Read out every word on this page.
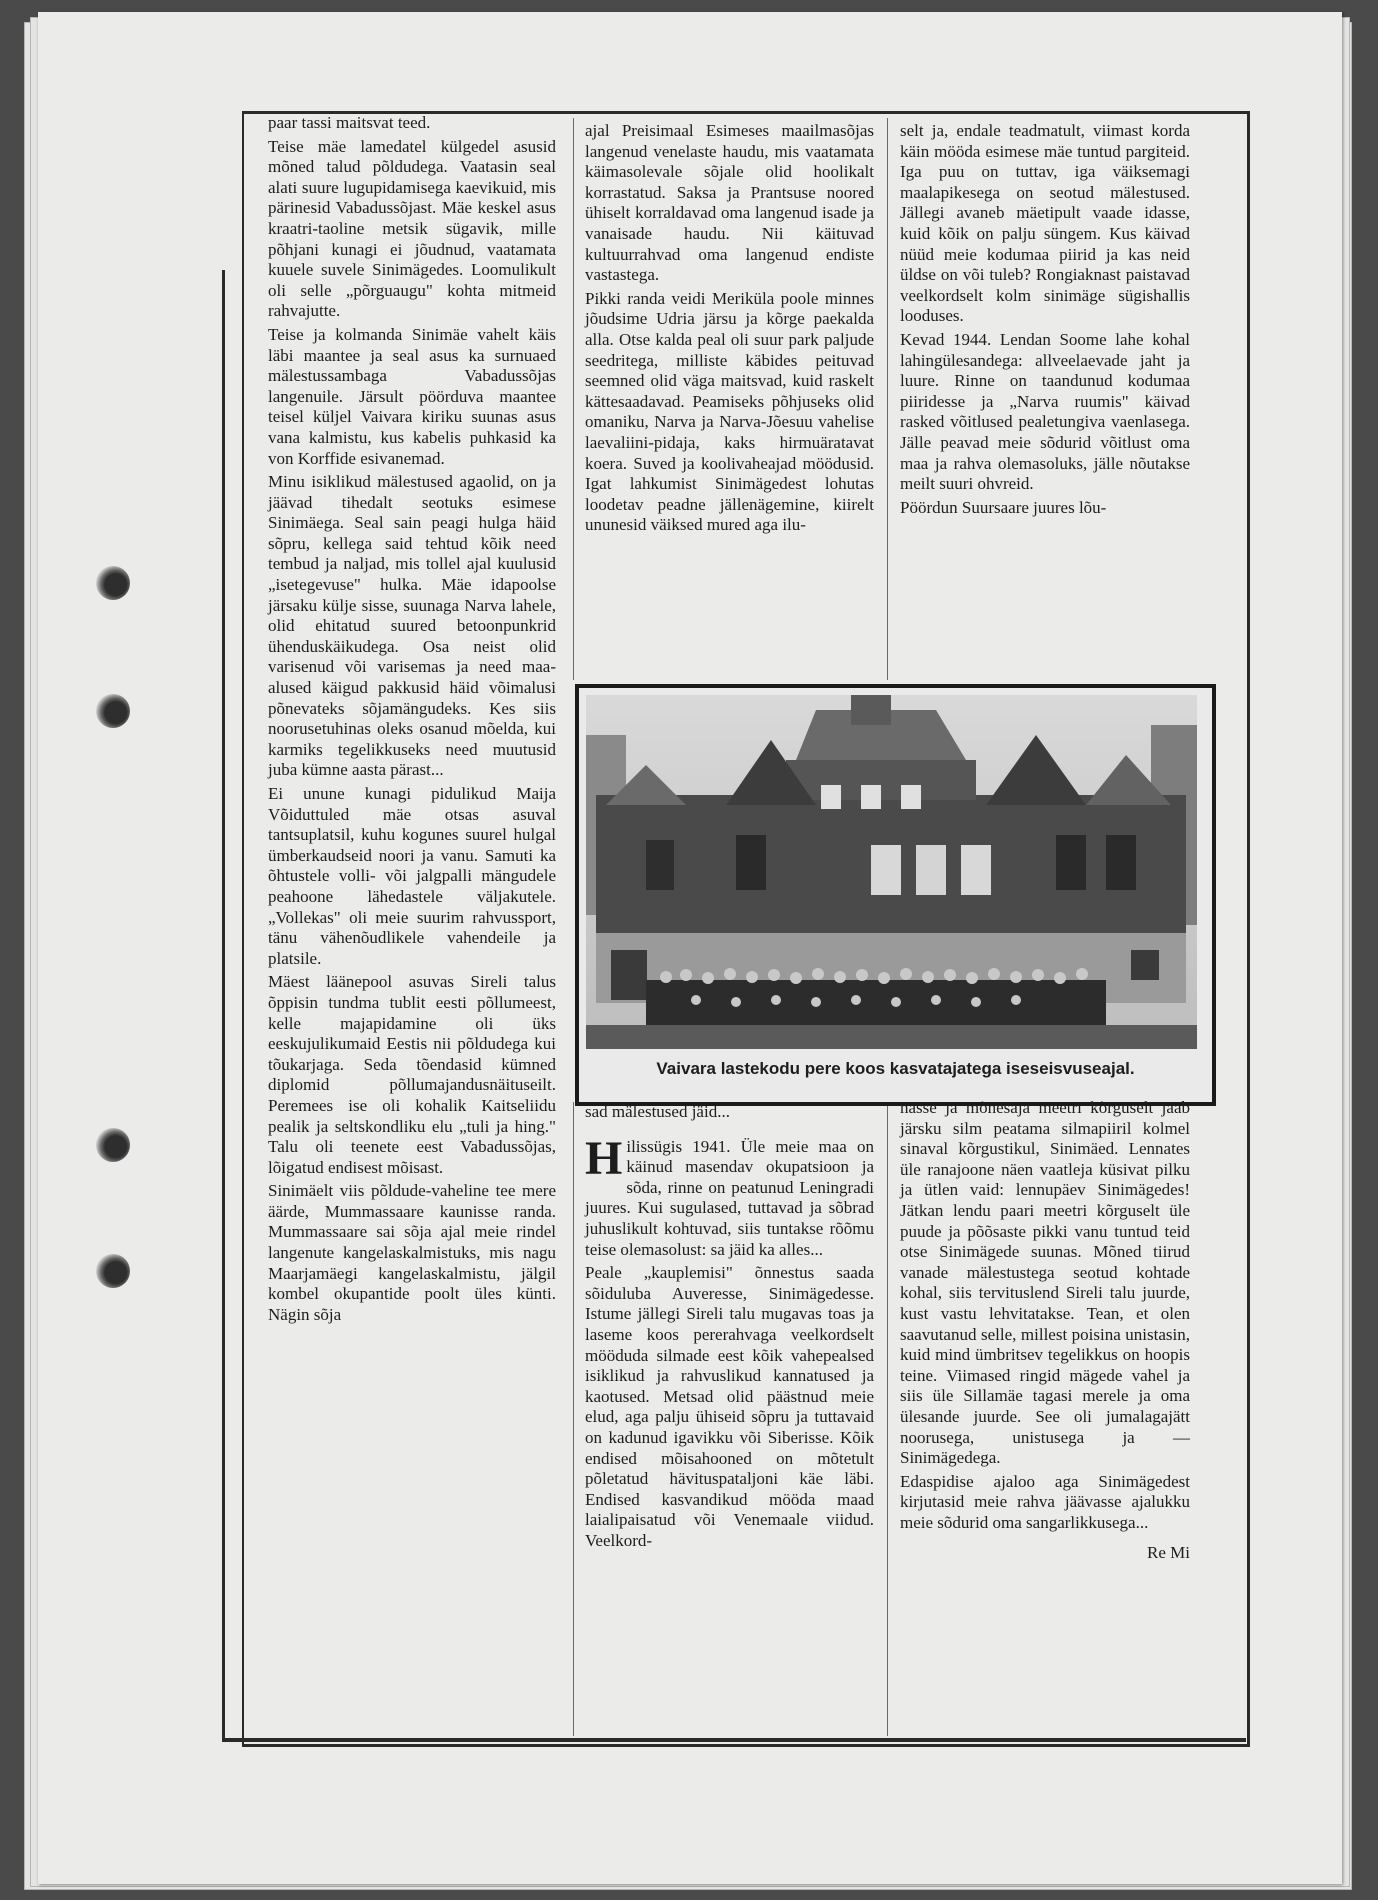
paar tassi maitsvat teed.

Teise mäe lamedatel külgedel asusid mõned talud põldudega. Vaatasin seal alati suure lugupidamisega kaevikuid, mis pärinesid Vabadussõjast. Mäe keskel asus kraatri-taoline metsik sügavik, mille põhjani kunagi ei jõudnud, vaatamata kuuele suvele Sinimägedes. Loomulikult oli selle „põrguaugu" kohta mitmeid rahvajutte.

Teise ja kolmanda Sinimäe vahelt käis läbi maantee ja seal asus ka surnuaed mälestussambaga Vabadussõjas langenuile. Järsult pöörduva maantee teisel küljel Vaivara kiriku suunas asus vana kalmistu, kus kabelis puhkasid ka von Korffide esivanemad.

Minu isiklikud mälestused agaolid, on ja jäävad tihedalt seotuks esimese Sinimäega. Seal sain peagi hulga häid sõpru, kellega said tehtud kõik need tembud ja naljad, mis tollel ajal kuulusid „isetegevuse" hulka. Mäe idapoolse järsaku külje sisse, suunaga Narva lahele, olid ehitatud suured betoonpunkrid ühenduskäikudega. Osa neist olid varisenud või varisemas ja need maa-alused käigud pakkusid häid võimalusi põnevateks sõjamängudeks. Kes siis noorusetuhinas oleks osanud mõelda, kui karmiks tegelikkuseks need muutusid juba kümne aasta pärast...

Ei unune kunagi pidulikud Maija Võiduttuled mäe otsas asuval tantsuplatsil, kuhu kogunes suurel hulgal ümberkaudseid noori ja vanu. Samuti ka õhtustele volli- või jalgpalli mängudele peahoone lähedastele väljakutele. „Vollekas" oli meie suurim rahvussport, tänu vähenõudlikele vahendeile ja platsile.

Mäest läänepool asuvas Sireli talus õppisin tundma tublit eesti põllumeest, kelle majapidamine oli üks eeskujulikumaid Eestis nii põldudega kui tõukarjaga. Seda tõendasid kümned diplomid põllumajandusnäituseilt. Peremees ise oli kohalik Kaitseliidu pealik ja seltskondliku elu „tuli ja hing." Talu oli teenete eest Vabadussõjas, lõigatud endisest mõisast.

Sinimäelt viis põldude-vaheline tee mere äärde, Mummassaare kaunisse randa. Mummassaare sai sõja ajal meie rindel langenute kangelaskalmistuks, mis nagu Maarjamäegi kangelaskalmistu, jälgil kombel okupantide poolt üles künti. Nägin sõja

ajal Preisimaal Esimeses maailmasõjas langenud venelaste haudu, mis vaatamata käimasolevale sõjale olid hoolikalt korrastatud. Saksa ja Prantsuse noored ühiselt korraldavad oma langenud isade ja vanaisade haudu. Nii käituvad kultuurrahvad oma langenud endiste vastastega.

Pikki randa veidi Meriküla poole minnes jõudsime Udria järsu ja kõrge paekalda alla. Otse kalda peal oli suur park paljude seedritega, milliste käbides peituvad seemned olid väga maitsvad, kuid raskelt kättesaadavad. Peamiseks põhjuseks olid omaniku, Narva ja Narva-Jõesuu vahelise laevaliini-pidaja, kaks hirmuäratavat koera. Suved ja koolivaheajad möödusid. Igat lahkumist Sinimägedest lohutas loodetav peadne jällenägemine, kiirelt ununesid väiksed mured aga ilu-

selt ja, endale teadmatult, viimast korda käin mööda esimese mäe tuntud pargiteid. Iga puu on tuttav, iga väiksemagi maalapikesega on seotud mälestused. Jällegi avaneb mäetipult vaade idasse, kuid kõik on palju süngem. Kus käivad nüüd meie kodumaa piirid ja kas neid üldse on või tuleb? Rongiaknast paistavad veelkordselt kolm sinimäge sügishallis looduses.

Kevad 1944. Lendan Soome lahe kohal lahingülesandega: allveelaevade jaht ja luure. Rinne on taandunud kodumaa piiridesse ja „Narva ruumis" käivad rasked võitlused pealetungiva vaenlasega. Jälle peavad meie sõdurid võitlust oma maa ja rahva olemasoluks, jälle nõutakse meilt suuri ohvreid.

Pöördun Suursaare juures lõu-

Vaivara lastekodu pere koos kasvatajatega iseseisvuseajal.

sad mälestused jäid...

Hilissügis 1941. Üle meie maa on käinud masendav okupatsioon ja sõda, rinne on peatunud Leningradi juures. Kui sugulased, tuttavad ja sõbrad juhuslikult kohtuvad, siis tuntakse rõõmu teise olemasolust: sa jäid ka alles...

Peale „kauplemisi" õnnestus saada sõiduluba Auveresse, Sinimägedesse. Istume jällegi Sireli talu mugavas toas ja laseme koos pererahvaga veelkordselt mööduda silmade eest kõik vahepealsed isiklikud ja rahvuslikud kannatused ja kaotused. Metsad olid päästnud meie elud, aga palju ühiseid sõpru ja tuttavaid on kadunud igavikku või Siberisse. Kõik endised mõisahooned on mõtetult põletatud hävituspataljoni käe läbi. Endised kasvandikud mööda maad laialipaisatud või Venemaale viidud. Veelkord-

nasse ja mõnesaja meetri kõrguselt jääb järsku silm peatama silmapiiril kolmel sinaval kõrgustikul, Sinimäed. Lennates üle ranajoone näen vaatleja küsivat pilku ja ütlen vaid: lennupäev Sinimägedes! Jätkan lendu paari meetri kõrguselt üle puude ja põõsaste pikki vanu tuntud teid otse Sinimägede suunas. Mõned tiirud vanade mälestustega seotud kohtade kohal, siis tervituslend Sireli talu juurde, kust vastu lehvitatakse. Tean, et olen saavutanud selle, millest poisina unistasin, kuid mind ümbritsev tegelikkus on hoopis teine. Viimased ringid mägede vahel ja siis üle Sillamäe tagasi merele ja oma ülesande juurde. See oli jumalagajätt noorusega, unistusega ja — Sinimägedega.

Edaspidise ajaloo aga Sinimägedest kirjutasid meie rahva jäävasse ajalukku meie sõdurid oma sangarlikkusega...

Re Mi
